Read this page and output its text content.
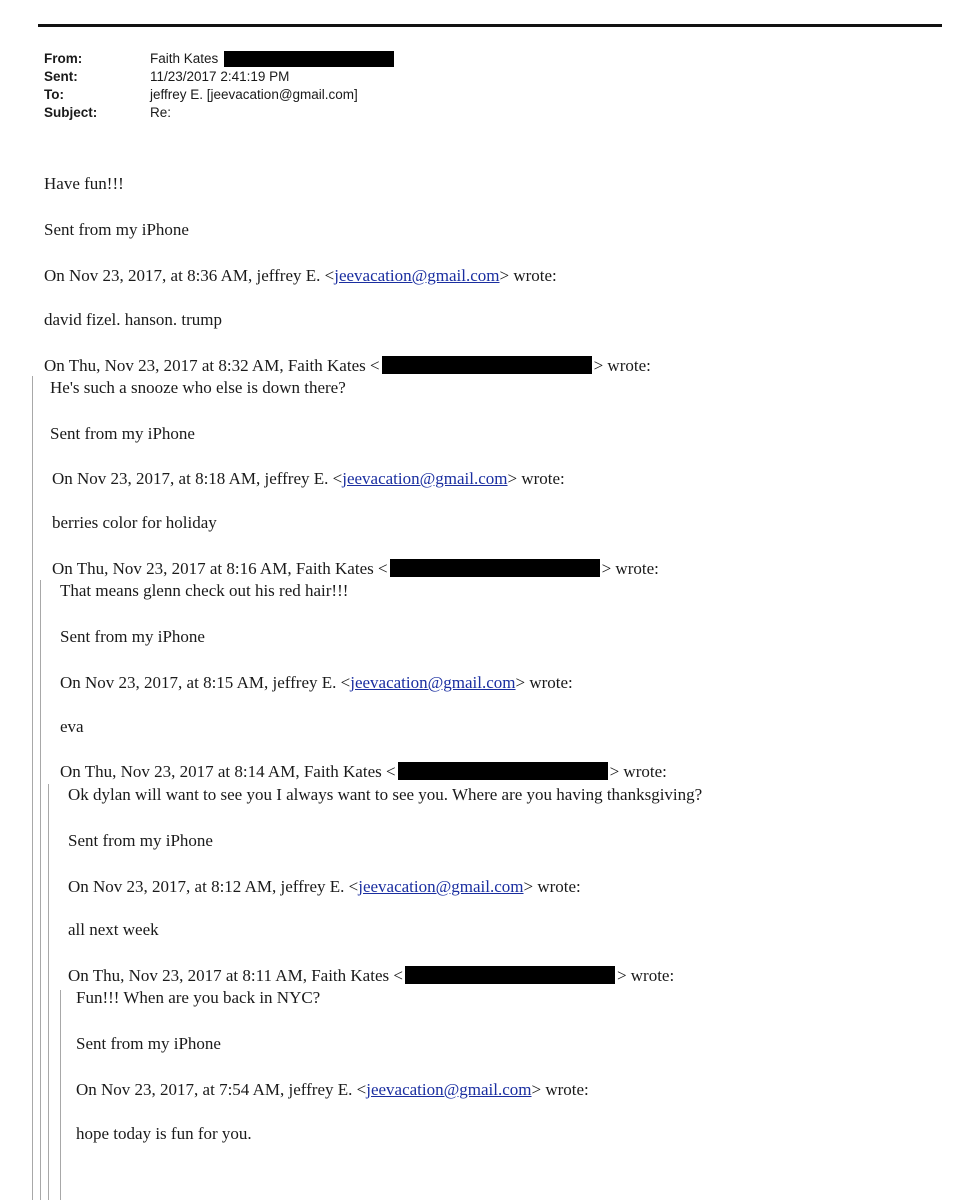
From:	Faith Kates
Sent:	11/23/2017 2:41:19 PM
To:	jeffrey E. [jeevacation@gmail.com]
Subject:	Re:
Have fun!!!
Sent from my iPhone
On Nov 23, 2017, at 8:36 AM, jeffrey E. <jeevacation@gmail.com> wrote:
david fizel. hanson. trump
On Thu, Nov 23, 2017 at 8:32 AM, Faith Kates <	> wrote:
He's such a snooze who else is down there?
Sent from my iPhone
On Nov 23, 2017, at 8:18 AM, jeffrey E. <jeevacation@gmail.com> wrote:
berries color for holiday
On Thu, Nov 23, 2017 at 8:16 AM, Faith Kates <	> wrote:
That means glenn check out his red hair!!!
Sent from my iPhone
On Nov 23, 2017, at 8:15 AM, jeffrey E. <jeevacation@gmail.com> wrote:
eva
On Thu, Nov 23, 2017 at 8:14 AM, Faith Kates <	> wrote:
Ok dylan will want to see you I always want to see you. Where are you having thanksgiving?
Sent from my iPhone
On Nov 23, 2017, at 8:12 AM, jeffrey E. <jeevacation@gmail.com> wrote:
all next week
On Thu, Nov 23, 2017 at 8:11 AM, Faith Kates <	> wrote:
Fun!!! When are you back in NYC?
Sent from my iPhone
On Nov 23, 2017, at 7:54 AM, jeffrey E. <jeevacation@gmail.com> wrote:
hope today is fun for you.
